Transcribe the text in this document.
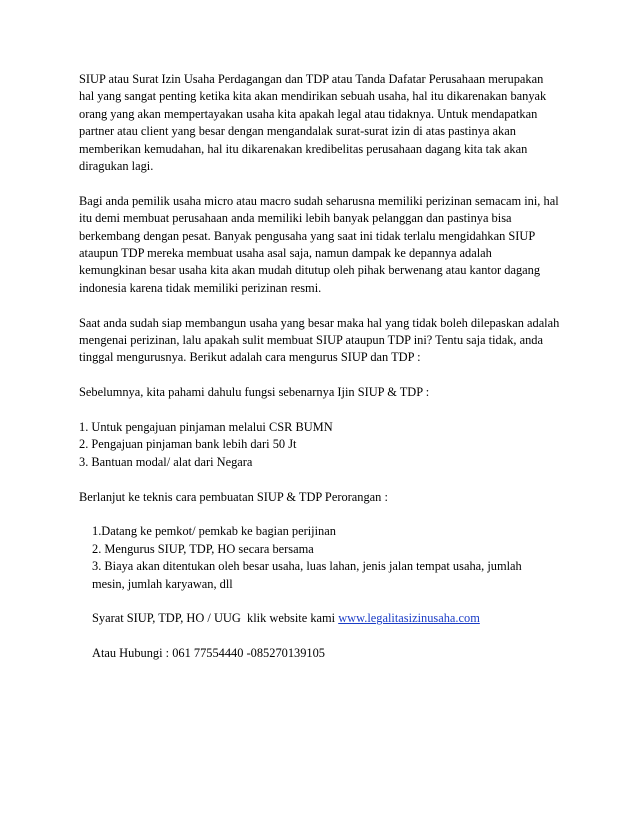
SIUP atau Surat Izin Usaha Perdagangan dan TDP atau Tanda Dafatar Perusahaan merupakan
hal yang sangat penting ketika kita akan mendirikan sebuah usaha, hal itu dikarenakan banyak
orang yang akan mempertayakan usaha kita apakah legal atau tidaknya. Untuk mendapatkan
partner atau client yang besar dengan mengandalak surat-surat izin di atas pastinya akan
memberikan kemudahan, hal itu dikarenakan kredibelitas perusahaan dagang kita tak akan
diragukan lagi.
Bagi anda pemilik usaha micro atau macro sudah seharusna memiliki perizinan semacam ini, hal
itu demi membuat perusahaan anda memiliki lebih banyak pelanggan dan pastinya bisa
berkembang dengan pesat. Banyak pengusaha yang saat ini tidak terlalu mengidahkan SIUP
ataupun TDP mereka membuat usaha asal saja, namun dampak ke depannya adalah
kemungkinan besar usaha kita akan mudah ditutup oleh pihak berwenang atau kantor dagang
indonesia karena tidak memiliki perizinan resmi.
Saat anda sudah siap membangun usaha yang besar maka hal yang tidak boleh dilepaskan adalah
mengenai perizinan, lalu apakah sulit membuat SIUP ataupun TDP ini? Tentu saja tidak, anda
tinggal mengurusnya. Berikut adalah cara mengurus SIUP dan TDP :
Sebelumnya, kita pahami dahulu fungsi sebenarnya Ijin SIUP & TDP :
1. Untuk pengajuan pinjaman melalui CSR BUMN
2. Pengajuan pinjaman bank lebih dari 50 Jt
3. Bantuan modal/ alat dari Negara
Berlanjut ke teknis cara pembuatan SIUP & TDP Perorangan :
1.Datang ke pemkot/ pemkab ke bagian perijinan
2. Mengurus SIUP, TDP, HO secara bersama
3. Biaya akan ditentukan oleh besar usaha, luas lahan, jenis jalan tempat usaha, jumlah
mesin, jumlah karyawan, dll
Syarat SIUP, TDP, HO / UUG  klik website kami www.legalitasizinusaha.com
Atau Hubungi : 061 77554440 -085270139105
